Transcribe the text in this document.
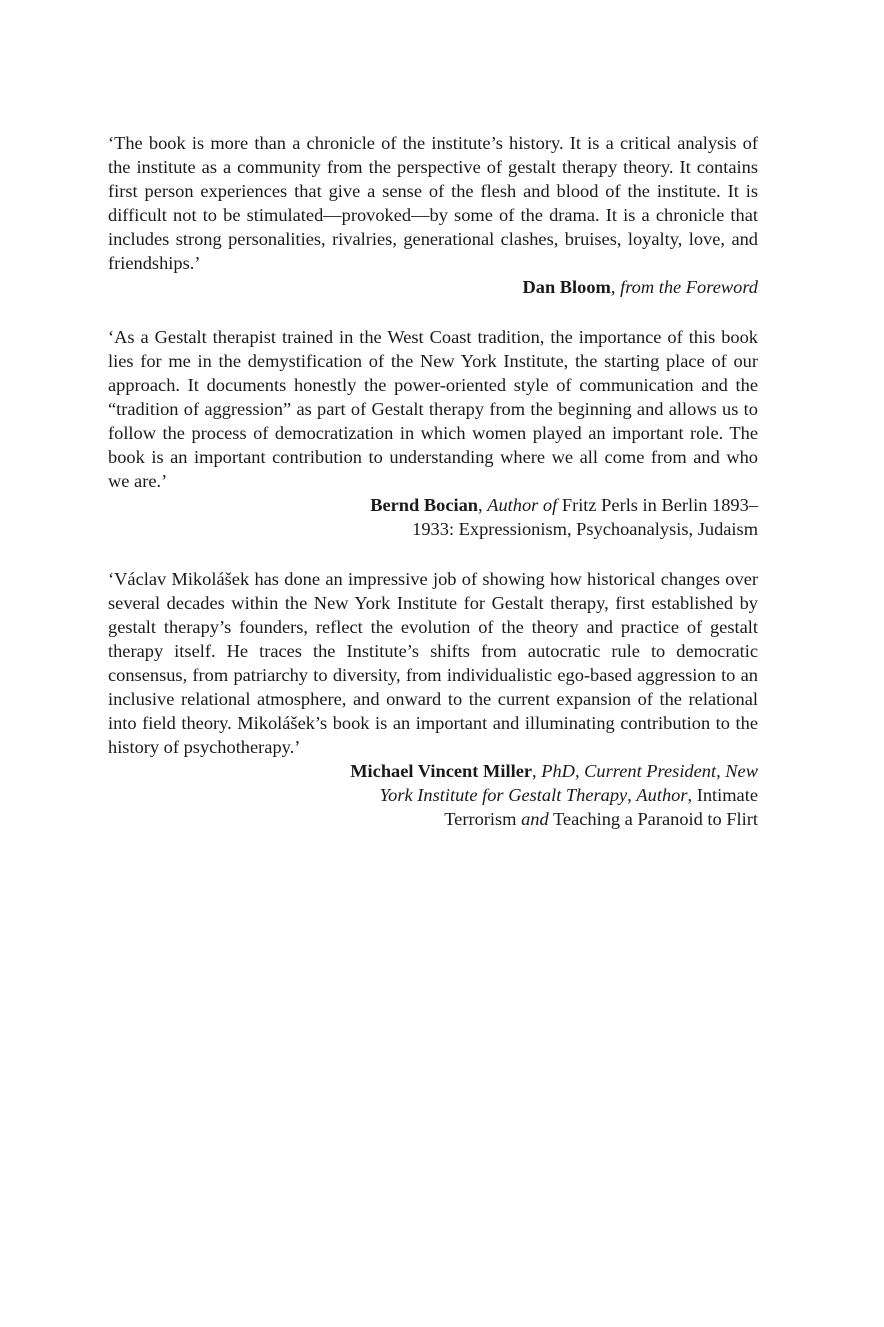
‘The book is more than a chronicle of the institute’s history. It is a critical analysis of the institute as a community from the perspective of gestalt therapy theory. It contains first person experiences that give a sense of the flesh and blood of the institute. It is difficult not to be stimulated—provoked—by some of the drama. It is a chronicle that includes strong personalities, rivalries, generational clashes, bruises, loyalty, love, and friendships.’

Dan Bloom, from the Foreword

‘As a Gestalt therapist trained in the West Coast tradition, the importance of this book lies for me in the demystification of the New York Institute, the starting place of our approach. It documents honestly the power-oriented style of communication and the “tradition of aggression” as part of Gestalt therapy from the beginning and allows us to follow the process of democratization in which women played an important role. The book is an important contribution to understanding where we all come from and who we are.’

Bernd Bocian, Author of Fritz Perls in Berlin 1893–
1933: Expressionism, Psychoanalysis, Judaism

‘Václav Mikolášek has done an impressive job of showing how historical changes over several decades within the New York Institute for Gestalt therapy, first established by gestalt therapy’s founders, reflect the evolution of the theory and practice of gestalt therapy itself. He traces the Institute’s shifts from autocratic rule to democratic consensus, from patriarchy to diversity, from individualistic ego-based aggression to an inclusive relational atmosphere, and onward to the current expansion of the relational into field theory. Mikolášek’s book is an important and illuminating contribution to the history of psychotherapy.’

Michael Vincent Miller, PhD, Current President, New
York Institute for Gestalt Therapy, Author, Intimate
Terrorism and Teaching a Paranoid to Flirt
